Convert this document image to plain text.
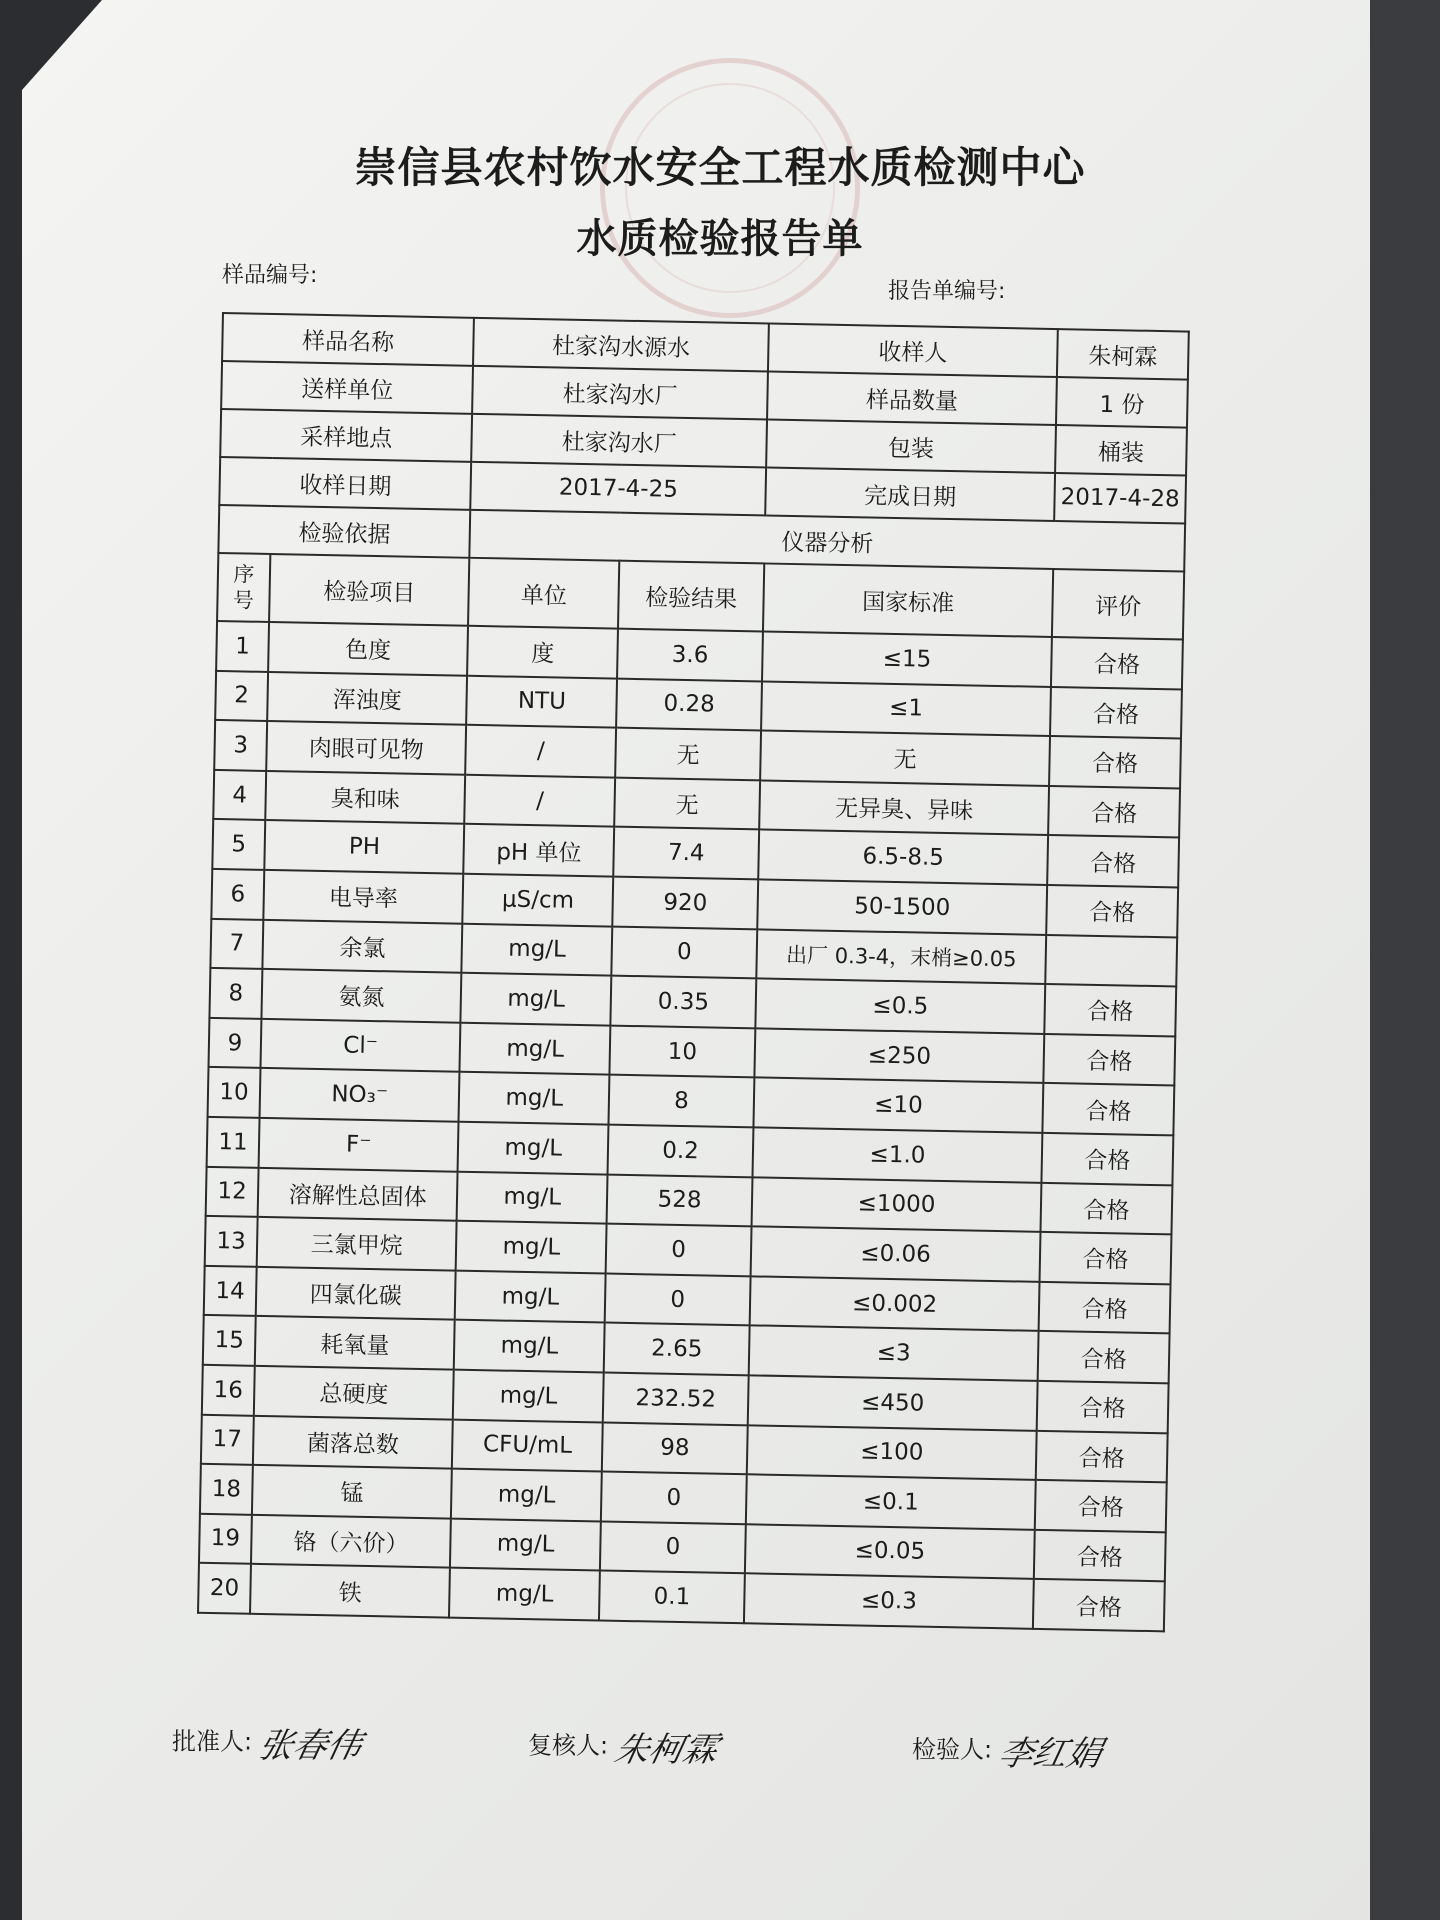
崇信县农村饮水安全工程水质检测中心
水质检验报告单
样品编号:
报告单编号:
样品名称		杜家沟水源水		收样人	朱柯霖
送样单位		杜家沟水厂		样品数量	1 份
采样地点		杜家沟水厂		包装	桶装
收样日期		2017-4-25		完成日期	2017-4-28
检验依据		仪器分析			
序号	检验项目	单位	检验结果	国家标准	评价
1	色度	度	3.6	≤15	合格
2	浑浊度	NTU	0.28	≤1	合格
3	肉眼可见物	/	无	无	合格
4	臭和味	/	无	无异臭、异味	合格
5	PH	pH 单位	7.4	6.5-8.5	合格
6	电导率	μS/cm	920	50-1500	合格
7	余氯	mg/L	0	出厂 0.3-4，末梢≥0.05	
8	氨氮	mg/L	0.35	≤0.5	合格
9	Cl⁻	mg/L	10	≤250	合格
10	NO₃⁻	mg/L	8	≤10	合格
11	F⁻	mg/L	0.2	≤1.0	合格
12	溶解性总固体	mg/L	528	≤1000	合格
13	三氯甲烷	mg/L	0	≤0.06	合格
14	四氯化碳	mg/L	0	≤0.002	合格
15	耗氧量	mg/L	2.65	≤3	合格
16	总硬度	mg/L	232.52	≤450	合格
17	菌落总数	CFU/mL	98	≤100	合格
18	锰	mg/L	0	≤0.1	合格
19	铬（六价）	mg/L	0	≤0.05	合格
20	铁	mg/L	0.1	≤0.3	合格
批准人: 张春伟	复核人: 朱柯霖	检验人: 李红娟
